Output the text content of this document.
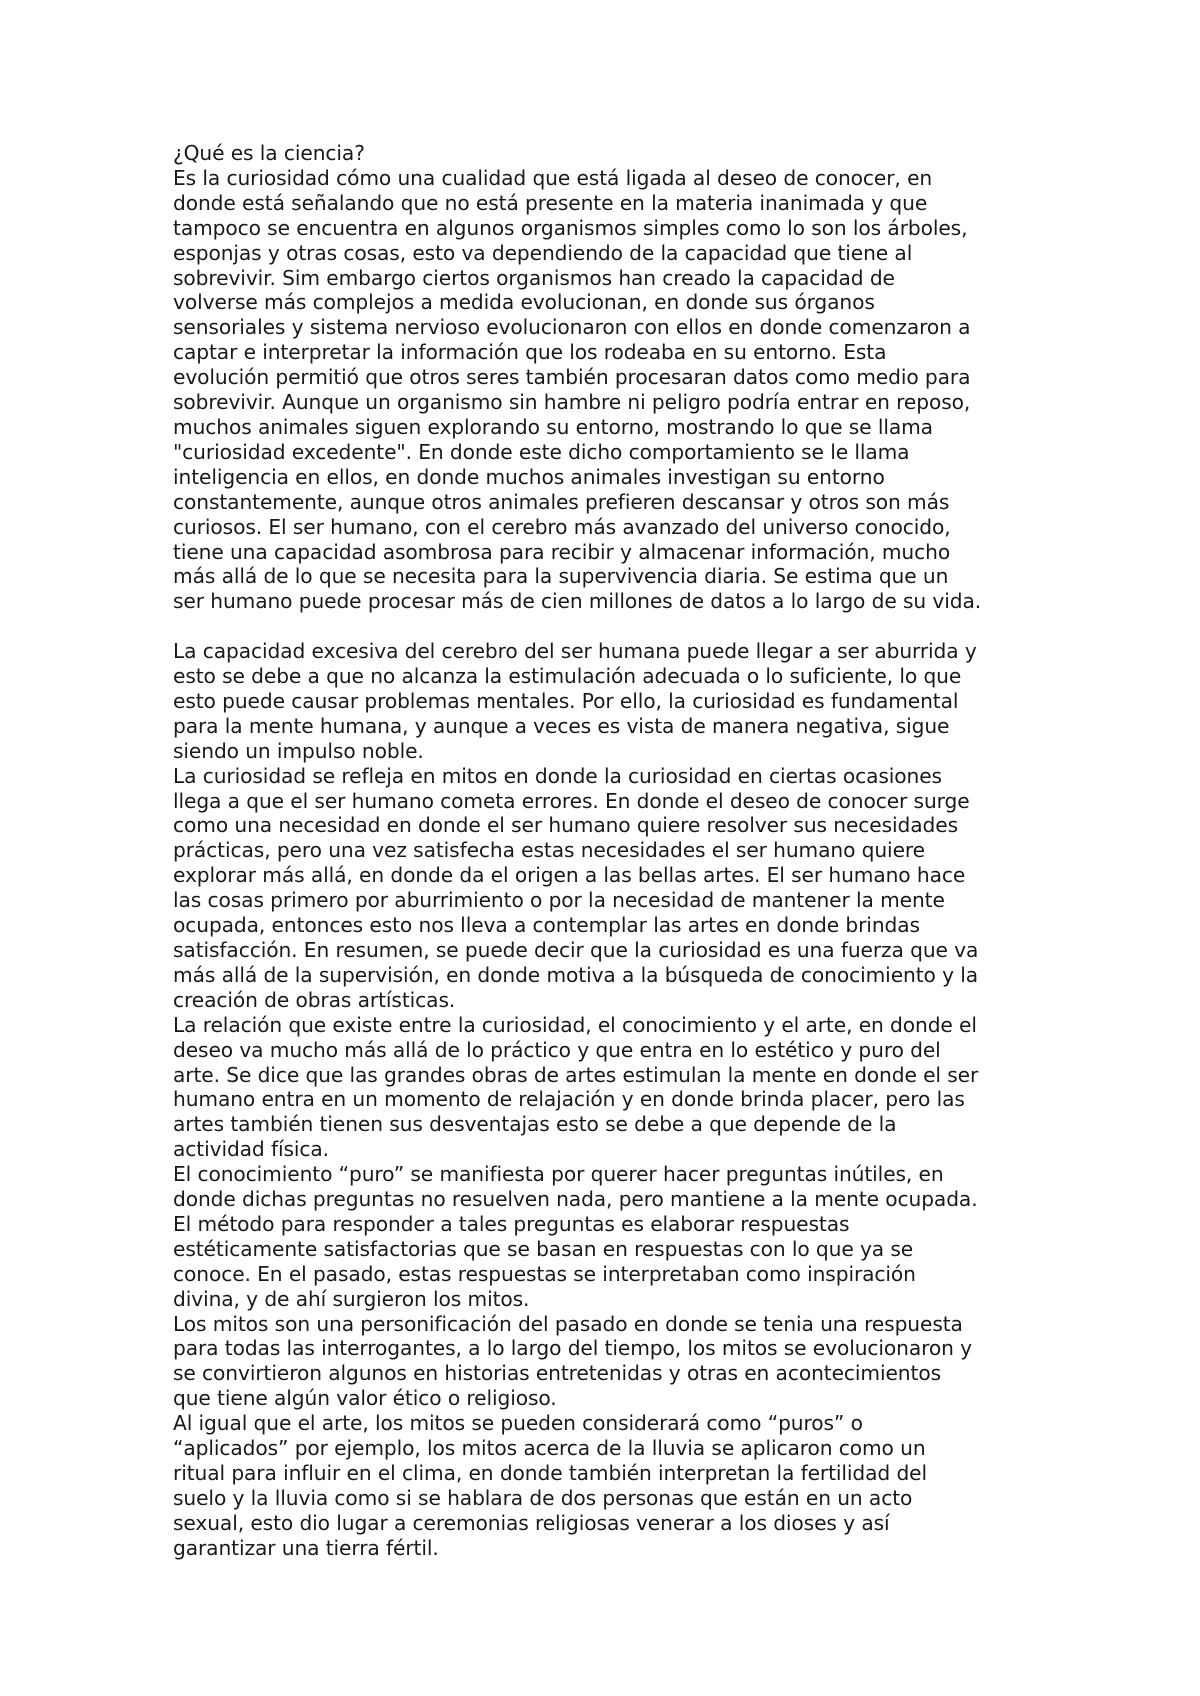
¿Qué es la ciencia?

Es la curiosidad cómo una cualidad que está ligada al deseo de conocer, en
donde está señalando que no está presente en la materia inanimada y que
tampoco se encuentra en algunos organismos simples como lo son los árboles,
esponjas y otras cosas, esto va dependiendo de la capacidad que tiene al
sobrevivir. Sim embargo ciertos organismos han creado la capacidad de
volverse más complejos a medida evolucionan, en donde sus órganos
sensoriales y sistema nervioso evolucionaron con ellos en donde comenzaron a
captar e interpretar la información que los rodeaba en su entorno. Esta
evolución permitió que otros seres también procesaran datos como medio para
sobrevivir. Aunque un organismo sin hambre ni peligro podría entrar en reposo,
muchos animales siguen explorando su entorno, mostrando lo que se llama
"curiosidad excedente". En donde este dicho comportamiento se le llama
inteligencia en ellos, en donde muchos animales investigan su entorno
constantemente, aunque otros animales prefieren descansar y otros son más
curiosos. El ser humano, con el cerebro más avanzado del universo conocido,
tiene una capacidad asombrosa para recibir y almacenar información, mucho
más allá de lo que se necesita para la supervivencia diaria. Se estima que un
ser humano puede procesar más de cien millones de datos a lo largo de su vida.

La capacidad excesiva del cerebro del ser humana puede llegar a ser aburrida y
esto se debe a que no alcanza la estimulación adecuada o lo suficiente, lo que
esto puede causar problemas mentales. Por ello, la curiosidad es fundamental
para la mente humana, y aunque a veces es vista de manera negativa, sigue
siendo un impulso noble.

La curiosidad se refleja en mitos en donde la curiosidad en ciertas ocasiones
llega a que el ser humano cometa errores. En donde el deseo de conocer surge
como una necesidad en donde el ser humano quiere resolver sus necesidades
prácticas, pero una vez satisfecha estas necesidades el ser humano quiere
explorar más allá, en donde da el origen a las bellas artes. El ser humano hace
las cosas primero por aburrimiento o por la necesidad de mantener la mente
ocupada, entonces esto nos lleva a contemplar las artes en donde brindas
satisfacción. En resumen, se puede decir que la curiosidad es una fuerza que va
más allá de la supervisión, en donde motiva a la búsqueda de conocimiento y la
creación de obras artísticas.

La relación que existe entre la curiosidad, el conocimiento y el arte, en donde el
deseo va mucho más allá de lo práctico y que entra en lo estético y puro del
arte. Se dice que las grandes obras de artes estimulan la mente en donde el ser
humano entra en un momento de relajación y en donde brinda placer, pero las
artes también tienen sus desventajas esto se debe a que depende de la
actividad física.

El conocimiento “puro” se manifiesta por querer hacer preguntas inútiles, en
donde dichas preguntas no resuelven nada, pero mantiene a la mente ocupada.
El método para responder a tales preguntas es elaborar respuestas
estéticamente satisfactorias que se basan en respuestas con lo que ya se
conoce. En el pasado, estas respuestas se interpretaban como inspiración
divina, y de ahí surgieron los mitos.

Los mitos son una personificación del pasado en donde se tenia una respuesta
para todas las interrogantes, a lo largo del tiempo, los mitos se evolucionaron y
se convirtieron algunos en historias entretenidas y otras en acontecimientos
que tiene algún valor ético o religioso.

Al igual que el arte, los mitos se pueden considerará como “puros” o
“aplicados” por ejemplo, los mitos acerca de la lluvia se aplicaron como un
ritual para influir en el clima, en donde también interpretan la fertilidad del
suelo y la lluvia como si se hablara de dos personas que están en un acto
sexual, esto dio lugar a ceremonias religiosas venerar a los dioses y así
garantizar una tierra fértil.
